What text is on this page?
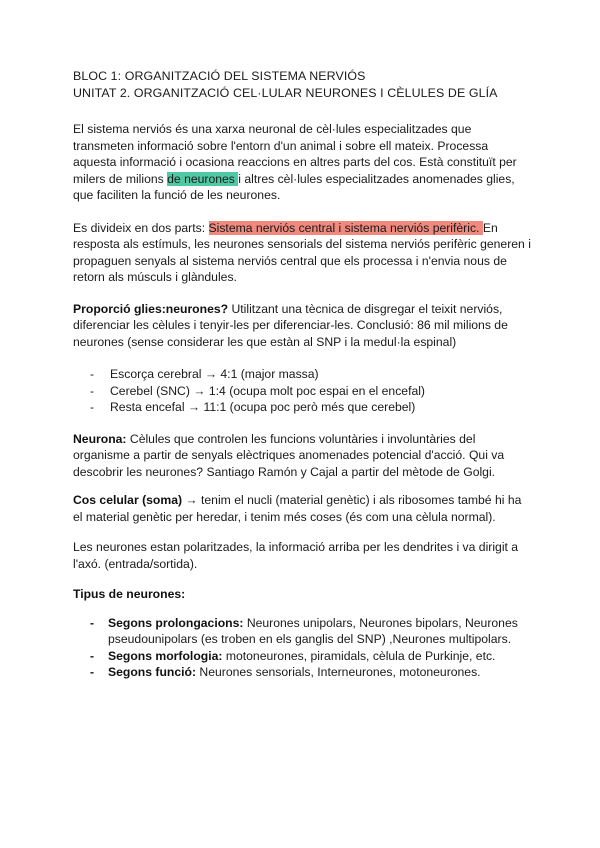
BLOC 1: ORGANITZACIÓ DEL SISTEMA NERVIÓS

UNITAT 2. ORGANITZACIÓ CEL·LULAR NEURONES I CÈLULES DE GLÍA

El sistema nerviós és una xarxa neuronal de cèl·lules especialitzades que transmeten informació sobre l'entorn d'un animal i sobre ell mateix. Processa aquesta informació i ocasiona reaccions en altres parts del cos. Està constituït per milers de milions de neurones i altres cèl·lules especialitzades anomenades glies, que faciliten la funció de les neurones.

Es divideix en dos parts: Sistema nerviós central i sistema nerviós perifèric. En resposta als estímuls, les neurones sensorials del sistema nerviós perifèric generen i propaguen senyals al sistema nerviós central que els processa i n'envia nous de retorn als músculs i glàndules.

Proporció glies:neurones? Utilitzant una tècnica de disgregar el teixit nerviós, diferenciar les cèlules i tenyir-les per diferenciar-les. Conclusió: 86 mil milions de neurones (sense considerar les que estàn al SNP i la medul·la espinal)

- Escorça cerebral → 4:1 (major massa)
- Cerebel (SNC) → 1:4 (ocupa molt poc espai en el encefal)
- Resta encefal → 11:1 (ocupa poc però més que cerebel)

Neurona: Cèlules que controlen les funcions voluntàries i involuntàries del organisme a partir de senyals elèctriques anomenades potencial d'acció. Qui va descobrir les neurones? Santiago Ramón y Cajal a partir del mètode de Golgi.

Cos celular (soma) → tenim el nucli (material genètic) i als ribosomes també hi ha el material genètic per heredar, i tenim més coses (és com una cèlula normal).

Les neurones estan polaritzades, la informació arriba per les dendrites i va dirigit a l'axó. (entrada/sortida).

Tipus de neurones:

- Segons prolongacions: Neurones unipolars, Neurones bipolars, Neurones pseudounipolars (es troben en els ganglis del SNP) ,Neurones multipolars.
- Segons morfologia: motoneurones, piramidals, cèlula de Purkinje, etc.
- Segons funció: Neurones sensorials, Interneurones, motoneurones.
